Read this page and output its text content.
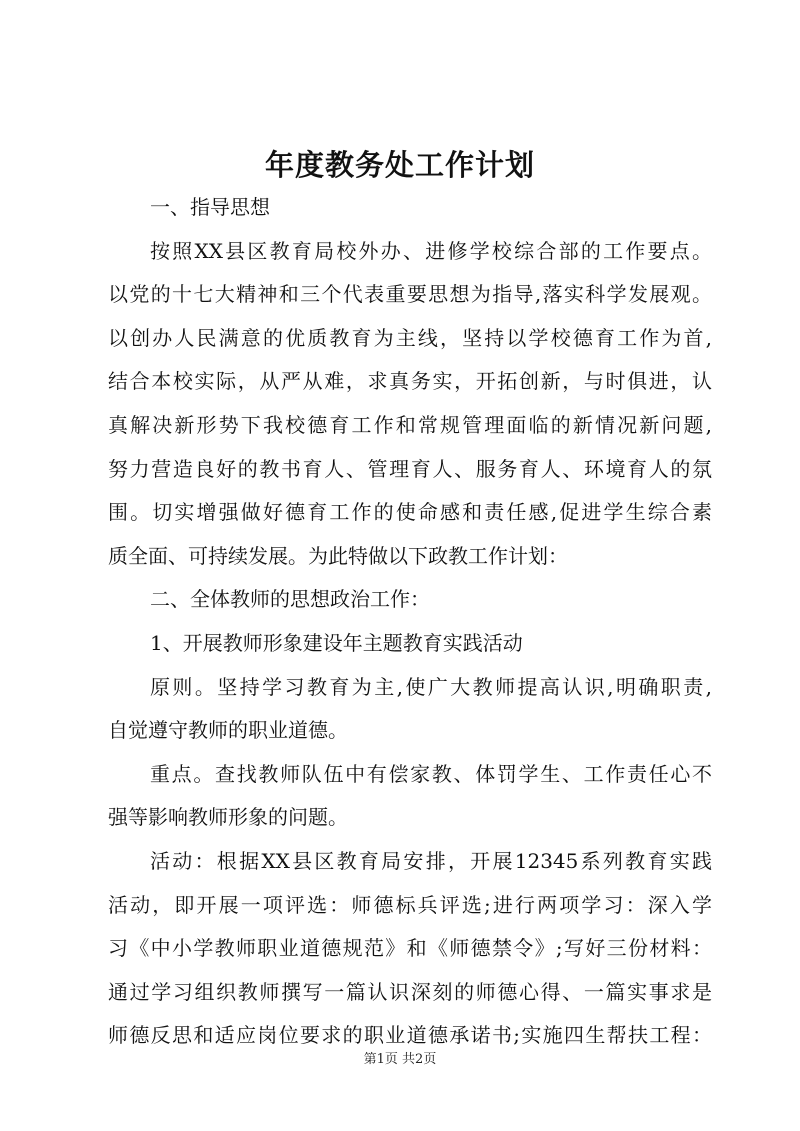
年度教务处工作计划
一、指导思想
按照XX县区教育局校外办、进修学校综合部的工作要点。
以党的十七大精神和三个代表重要思想为指导,落实科学发展观。
以创办人民满意的优质教育为主线，坚持以学校德育工作为首,
结合本校实际，从严从难，求真务实，开拓创新，与时俱进，认
真解决新形势下我校德育工作和常规管理面临的新情况新问题,
努力营造良好的教书育人、管理育人、服务育人、环境育人的氛
围。切实增强做好德育工作的使命感和责任感,促进学生综合素
质全面、可持续发展。为此特做以下政教工作计划：
二、全体教师的思想政治工作：
1、开展教师形象建设年主题教育实践活动
原则。坚持学习教育为主,使广大教师提高认识,明确职责,
自觉遵守教师的职业道德。
重点。查找教师队伍中有偿家教、体罚学生、工作责任心不
强等影响教师形象的问题。
活动：根据XX县区教育局安排，开展12345系列教育实践
活动，即开展一项评选：师德标兵评选;进行两项学习：深入学
习《中小学教师职业道德规范》和《师德禁令》;写好三份材料：
通过学习组织教师撰写一篇认识深刻的师德心得、一篇实事求是
师德反思和适应岗位要求的职业道德承诺书;实施四生帮扶工程：
第1页 共2页
